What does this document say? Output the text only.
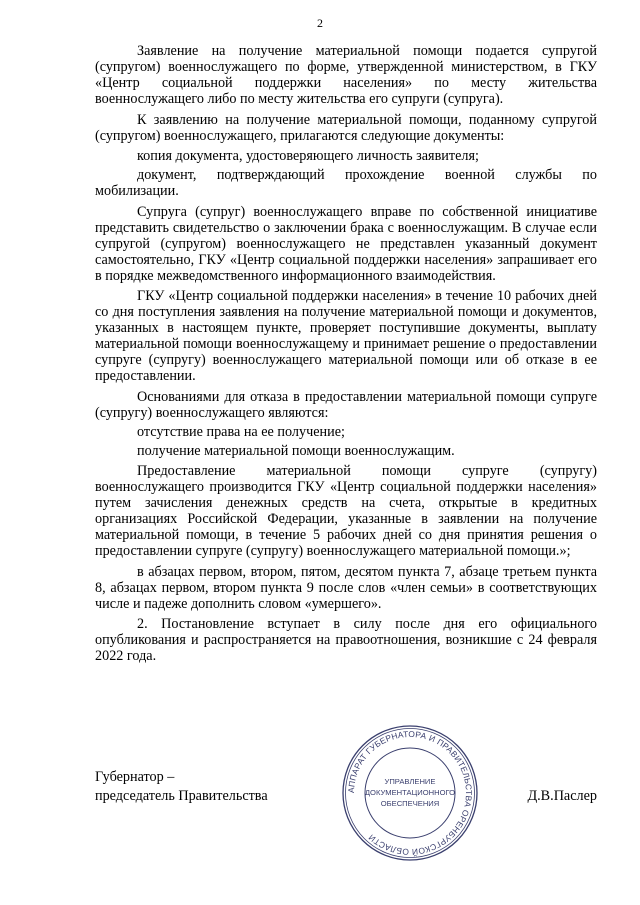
2

Заявление на получение материальной помощи подается супругой (супругом) военнослужащего по форме, утвержденной министерством, в ГКУ «Центр социальной поддержки населения» по месту жительства военнослужащего либо по месту жительства его супруги (супруга).

К заявлению на получение материальной помощи, поданному супругой (супругом) военнослужащего, прилагаются следующие документы:

копия документа, удостоверяющего личность заявителя;

документ, подтверждающий прохождение военной службы по мобилизации.

Супруга (супруг) военнослужащего вправе по собственной инициативе представить свидетельство о заключении брака с военнослужащим. В случае если супругой (супругом) военнослужащего не представлен указанный документ самостоятельно, ГКУ «Центр социальной поддержки населения» запрашивает его в порядке межведомственного информационного взаимодействия.

ГКУ «Центр социальной поддержки населения» в течение 10 рабочих дней со дня поступления заявления на получение материальной помощи и документов, указанных в настоящем пункте, проверяет поступившие документы, выплату материальной помощи военнослужащему и принимает решение о предоставлении супруге (супругу) военнослужащего материальной помощи или об отказе в ее предоставлении.

Основаниями для отказа в предоставлении материальной помощи супруге (супругу) военнослужащего являются:

отсутствие права на ее получение;

получение материальной помощи военнослужащим.

Предоставление материальной помощи супруге (супругу) военнослужащего производится ГКУ «Центр социальной поддержки населения» путем зачисления денежных средств на счета, открытые в кредитных организациях Российской Федерации, указанные в заявлении на получение материальной помощи, в течение 5 рабочих дней со дня принятия решения о предоставлении супруге (супругу) военнослужащего материальной помощи.»;

в абзацах первом, втором, пятом, десятом пункта 7, абзаце третьем пункта 8, абзацах первом, втором пункта 9 после слов «член семьи» в соответствующих числе и падеже дополнить словом «умершего».

2. Постановление вступает в силу после дня его официального опубликования и распространяется на правоотношения, возникшие с 24 февраля 2022 года.

Губернатор –
председатель Правительства	Д.В.Паслер
АППАРАТ ГУБЕРНАТОРА И ПРАВИТЕЛЬСТВА ОРЕНБУРГСКОЙ ОБЛАСТИ
УПРАВЛЕНИЕ
ДОКУМЕНТАЦИОННОГО
ОБЕСПЕЧЕНИЯ
